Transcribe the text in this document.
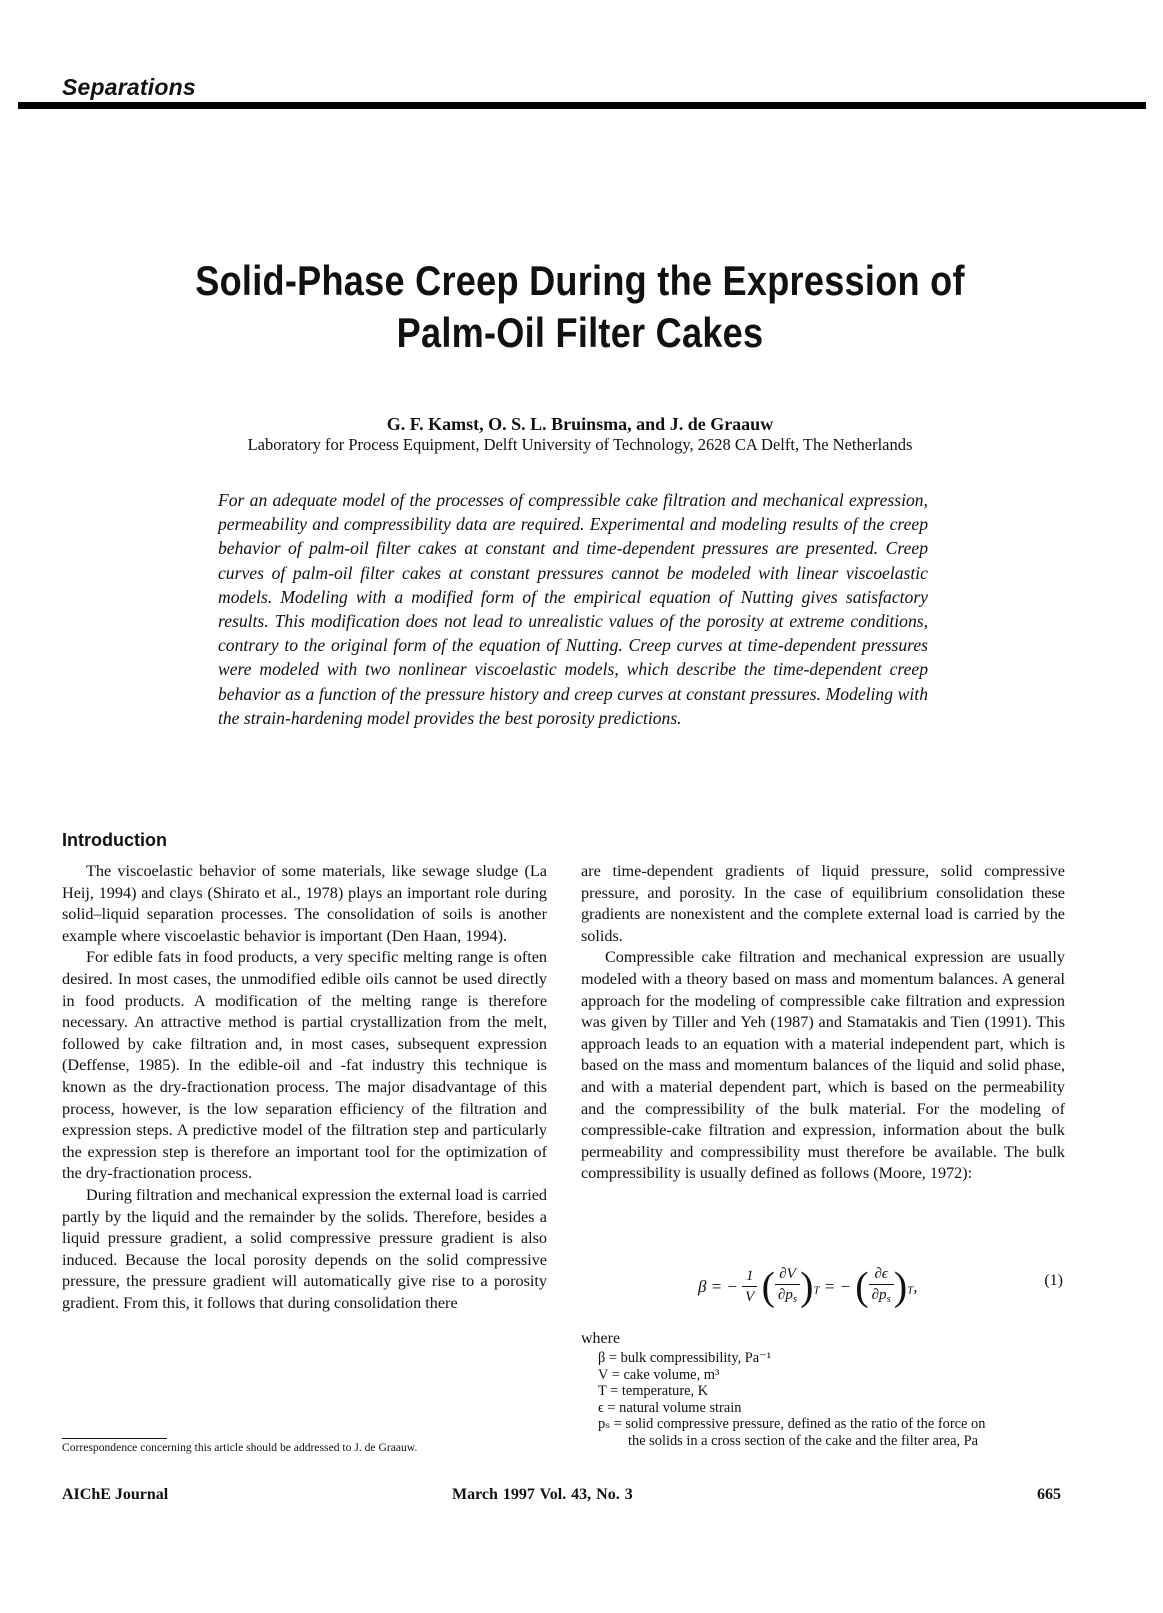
Separations
Solid-Phase Creep During the Expression of
Palm-Oil Filter Cakes
G. F. Kamst, O. S. L. Bruinsma, and J. de Graauw
Laboratory for Process Equipment, Delft University of Technology, 2628 CA Delft, The Netherlands
For an adequate model of the processes of compressible cake filtration and mechanical expression, permeability and compressibility data are required. Experimental and modeling results of the creep behavior of palm-oil filter cakes at constant and time-dependent pressures are presented. Creep curves of palm-oil filter cakes at constant pressures cannot be modeled with linear viscoelastic models. Modeling with a modified form of the empirical equation of Nutting gives satisfactory results. This modification does not lead to unrealistic values of the porosity at extreme conditions, contrary to the original form of the equation of Nutting. Creep curves at time-dependent pressures were modeled with two nonlinear viscoelastic models, which describe the time-dependent creep behavior as a function of the pressure history and creep curves at constant pressures. Modeling with the strain-hardening model provides the best porosity predictions.
Introduction

The viscoelastic behavior of some materials, like sewage sludge (La Heij, 1994) and clays (Shirato et al., 1978) plays an important role during solid–liquid separation processes. The consolidation of soils is another example where viscoelastic behavior is important (Den Haan, 1994).

For edible fats in food products, a very specific melting range is often desired. In most cases, the unmodified edible oils cannot be used directly in food products. A modification of the melting range is therefore necessary. An attractive method is partial crystallization from the melt, followed by cake filtration and, in most cases, subsequent expression (Deffense, 1985). In the edible-oil and -fat industry this technique is known as the dry-fractionation process. The major disadvantage of this process, however, is the low separation efficiency of the filtration and expression steps. A predictive model of the filtration step and particularly the expression step is therefore an important tool for the optimization of the dry-fractionation process.

During filtration and mechanical expression the external load is carried partly by the liquid and the remainder by the solids. Therefore, besides a liquid pressure gradient, a solid compressive pressure gradient is also induced. Because the local porosity depends on the solid compressive pressure, the pressure gradient will automatically give rise to a porosity gradient. From this, it follows that during consolidation there

are time-dependent gradients of liquid pressure, solid compressive pressure, and porosity. In the case of equilibrium consolidation these gradients are nonexistent and the complete external load is carried by the solids.

Compressible cake filtration and mechanical expression are usually modeled with a theory based on mass and momentum balances. A general approach for the modeling of compressible cake filtration and expression was given by Tiller and Yeh (1987) and Stamatakis and Tien (1991). This approach leads to an equation with a material independent part, which is based on the mass and momentum balances of the liquid and solid phase, and with a material dependent part, which is based on the permeability and the compressibility of the bulk material. For the modeling of compressible-cake filtration and expression, information about the bulk permeability and compressibility must therefore be available. The bulk compressibility is usually defined as follows (Moore, 1972):

β = − $\frac{1}{V}$ ( $\frac{\partial V}{\partial p_s} )_T$ = − ( $\frac{\partial\epsilon}{\partial p_s} )_T$,	(1)
where
β = bulk compressibility, Pa⁻¹
V = cake volume, m³
T = temperature, K
ϵ = natural volume strain
pₛ = solid compressive pressure, defined as the ratio of the force on
the solids in a cross section of the cake and the filter area, Pa
Correspondence concerning this article should be addressed to J. de Graauw.
AIChE Journal	March 1997 Vol. 43, No. 3	665
